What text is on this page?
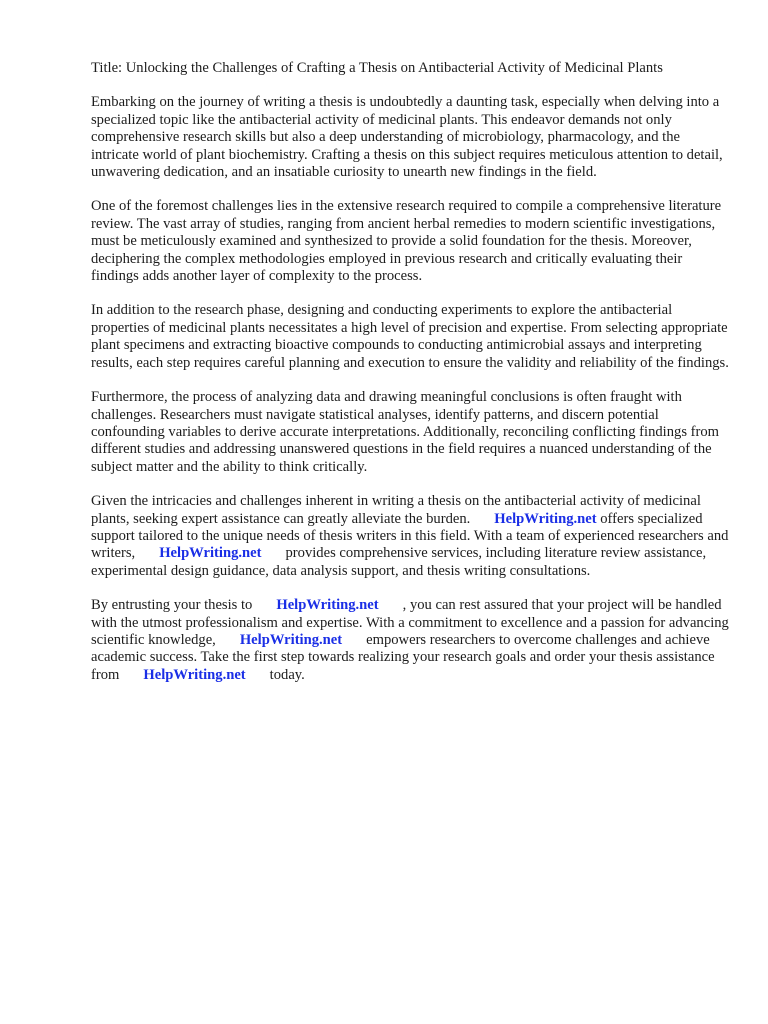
Title: Unlocking the Challenges of Crafting a Thesis on Antibacterial Activity of Medicinal Plants

Embarking on the journey of writing a thesis is undoubtedly a daunting task, especially when delving into a specialized topic like the antibacterial activity of medicinal plants. This endeavor demands not only comprehensive research skills but also a deep understanding of microbiology, pharmacology, and the intricate world of plant biochemistry. Crafting a thesis on this subject requires meticulous attention to detail, unwavering dedication, and an insatiable curiosity to unearth new findings in the field.

One of the foremost challenges lies in the extensive research required to compile a comprehensive literature review. The vast array of studies, ranging from ancient herbal remedies to modern scientific investigations, must be meticulously examined and synthesized to provide a solid foundation for the thesis. Moreover, deciphering the complex methodologies employed in previous research and critically evaluating their findings adds another layer of complexity to the process.

In addition to the research phase, designing and conducting experiments to explore the antibacterial properties of medicinal plants necessitates a high level of precision and expertise. From selecting appropriate plant specimens and extracting bioactive compounds to conducting antimicrobial assays and interpreting results, each step requires careful planning and execution to ensure the validity and reliability of the findings.

Furthermore, the process of analyzing data and drawing meaningful conclusions is often fraught with challenges. Researchers must navigate statistical analyses, identify patterns, and discern potential confounding variables to derive accurate interpretations. Additionally, reconciling conflicting findings from different studies and addressing unanswered questions in the field requires a nuanced understanding of the subject matter and the ability to think critically.

Given the intricacies and challenges inherent in writing a thesis on the antibacterial activity of medicinal plants, seeking expert assistance can greatly alleviate the burden. HelpWriting.net offers specialized support tailored to the unique needs of thesis writers in this field. With a team of experienced researchers and writers, HelpWriting.net provides comprehensive services, including literature review assistance, experimental design guidance, data analysis support, and thesis writing consultations.

By entrusting your thesis to HelpWriting.net , you can rest assured that your project will be handled with the utmost professionalism and expertise. With a commitment to excellence and a passion for advancing scientific knowledge, HelpWriting.net empowers researchers to overcome challenges and achieve academic success. Take the first step towards realizing your research goals and order your thesis assistance from HelpWriting.net today.
